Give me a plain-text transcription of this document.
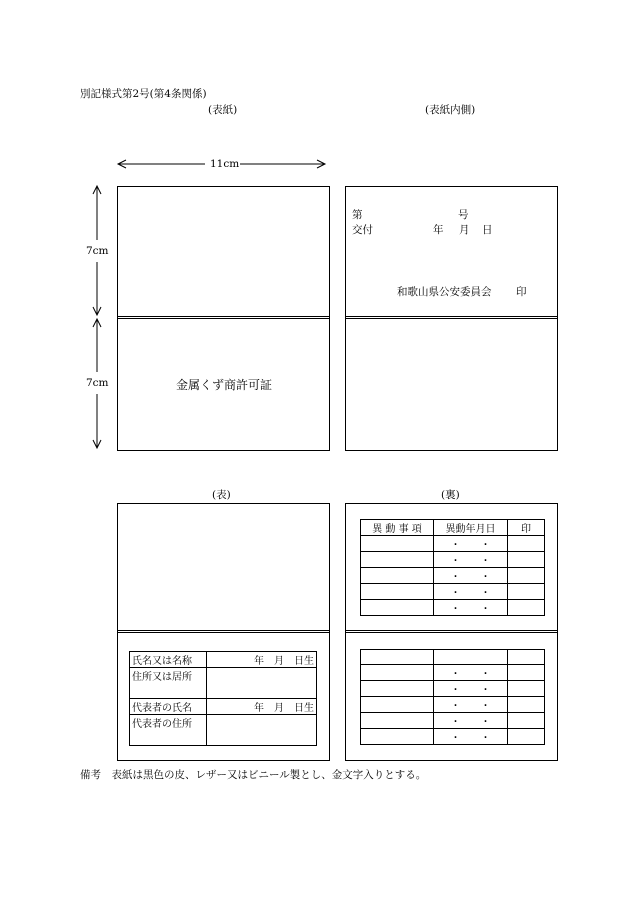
別記様式第2号(第4条関係)
(表紙)	(表紙内側)
11cm
7cm
7cm	金属くず商許可証
第	号
交付	年 月 日
和歌山県公安委員会 印
(表)	(裏)
氏名又は名称	年　月　日生
住所又は居所	
代表者の氏名	年　月　日生
代表者の住所	
異 動 事 項	異動年月日	印
	・　　・	
	・　　・	
	・　　・	
	・　　・	
	・　　・	

	・　　・	
	・　　・	
	・　　・	
	・　　・	
	・　　・	
備考　表紙は黒色の皮、レザー又はビニール製とし、金文字入りとする。
